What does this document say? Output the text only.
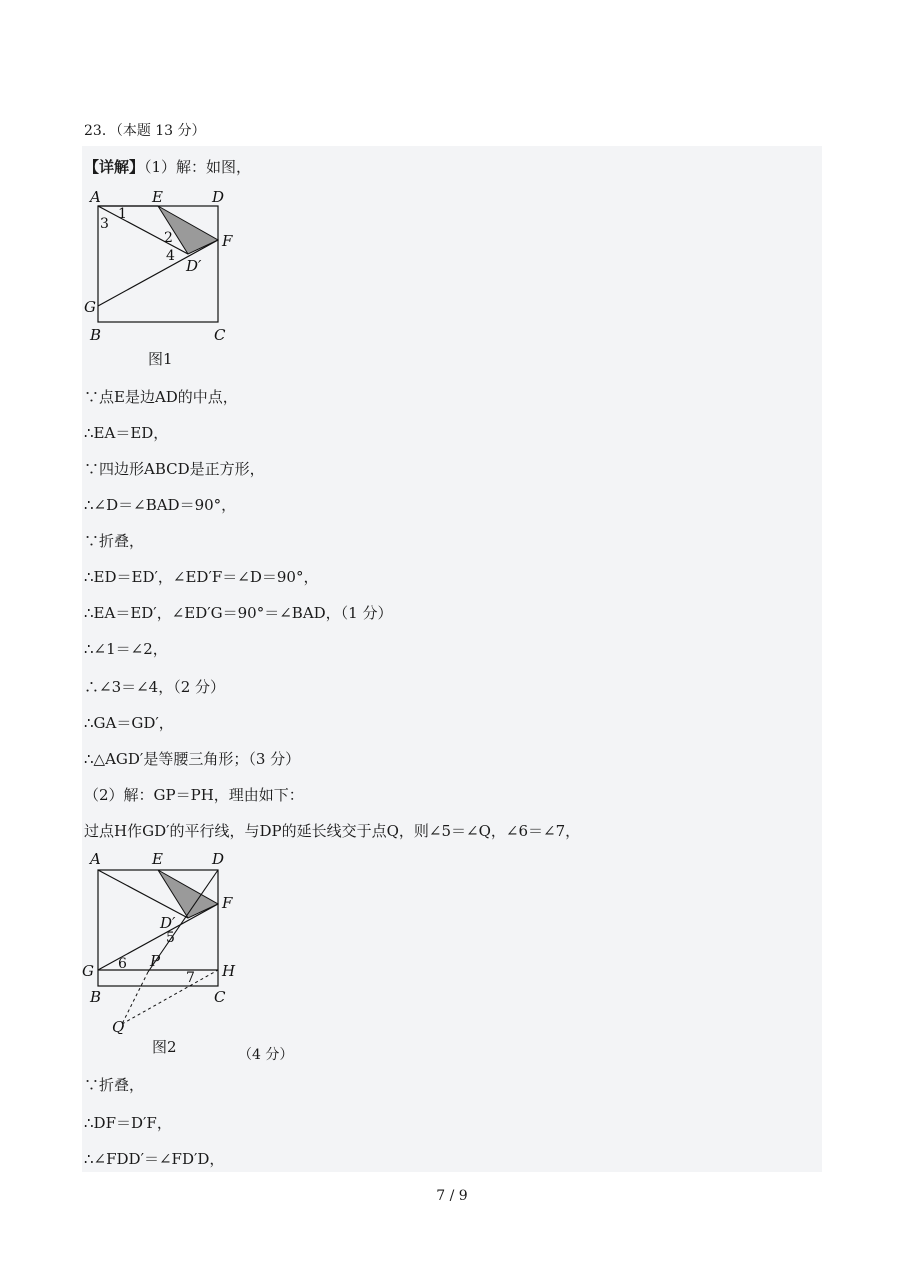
23．（本题 13 分）
【详解】（1）解：如图，
A	E	D
F
G
B	C
D′
1
2
3
4
图1
∵点E是边AD的中点，
∴EA＝ED，
∵四边形ABCD是正方形，
∴∠D＝∠BAD＝90°，
∵折叠，
∴ED＝ED′，∠ED′F＝∠D＝90°，
∴EA＝ED′，∠ED′G＝90°＝∠BAD，（1 分）
∴∠1＝∠2，
∴∠3＝∠4，（2 分）
∴GA＝GD′，
∴△AGD′是等腰三角形；（3 分）
（2）解：GP＝PH，理由如下：
过点H作GD′的平行线，与DP的延长线交于点Q，则∠5＝∠Q，∠6＝∠7，
A	E	D
F
D′
5
G 6 P
7 H
B	C
Q
图2	（4 分）
∵折叠，
∴DF＝D′F，
∴∠FDD′＝∠FD′D，
7 / 9
